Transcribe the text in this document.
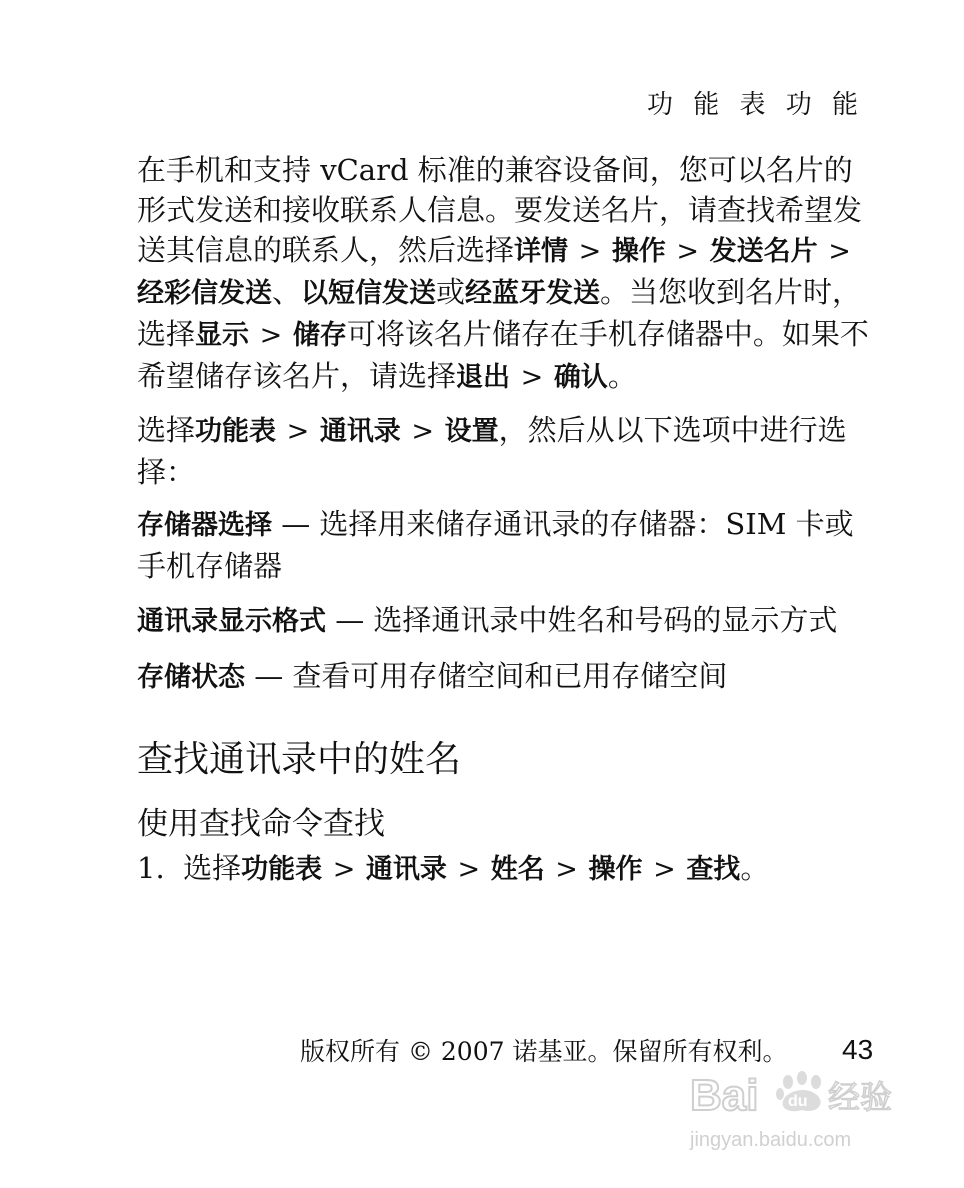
功 能 表 功 能

在手机和支持 vCard 标准的兼容设备间，您可以名片的形式发送和接收联系人信息。要发送名片，请查找希望发送其信息的联系人，然后选择详情 > 操作 > 发送名片 > 经彩信发送、以短信发送或经蓝牙发送。当您收到名片时，选择显示 > 储存可将该名片储存在手机存储器中。如果不希望储存该名片，请选择退出 > 确认。

选择功能表 > 通讯录 > 设置，然后从以下选项中进行选择：

存储器选择 — 选择用来储存通讯录的存储器：SIM 卡或手机存储器

通讯录显示格式 — 选择通讯录中姓名和号码的显示方式

存储状态 — 查看可用存储空间和已用存储空间

查找通讯录中的姓名
使用查找命令查找
1. 选择功能表 > 通讯录 > 姓名 > 操作 > 查找。
版权所有 © 2007 诺基亚。保留所有权利。 43
Bai du 经验
jingyan.baidu.com
